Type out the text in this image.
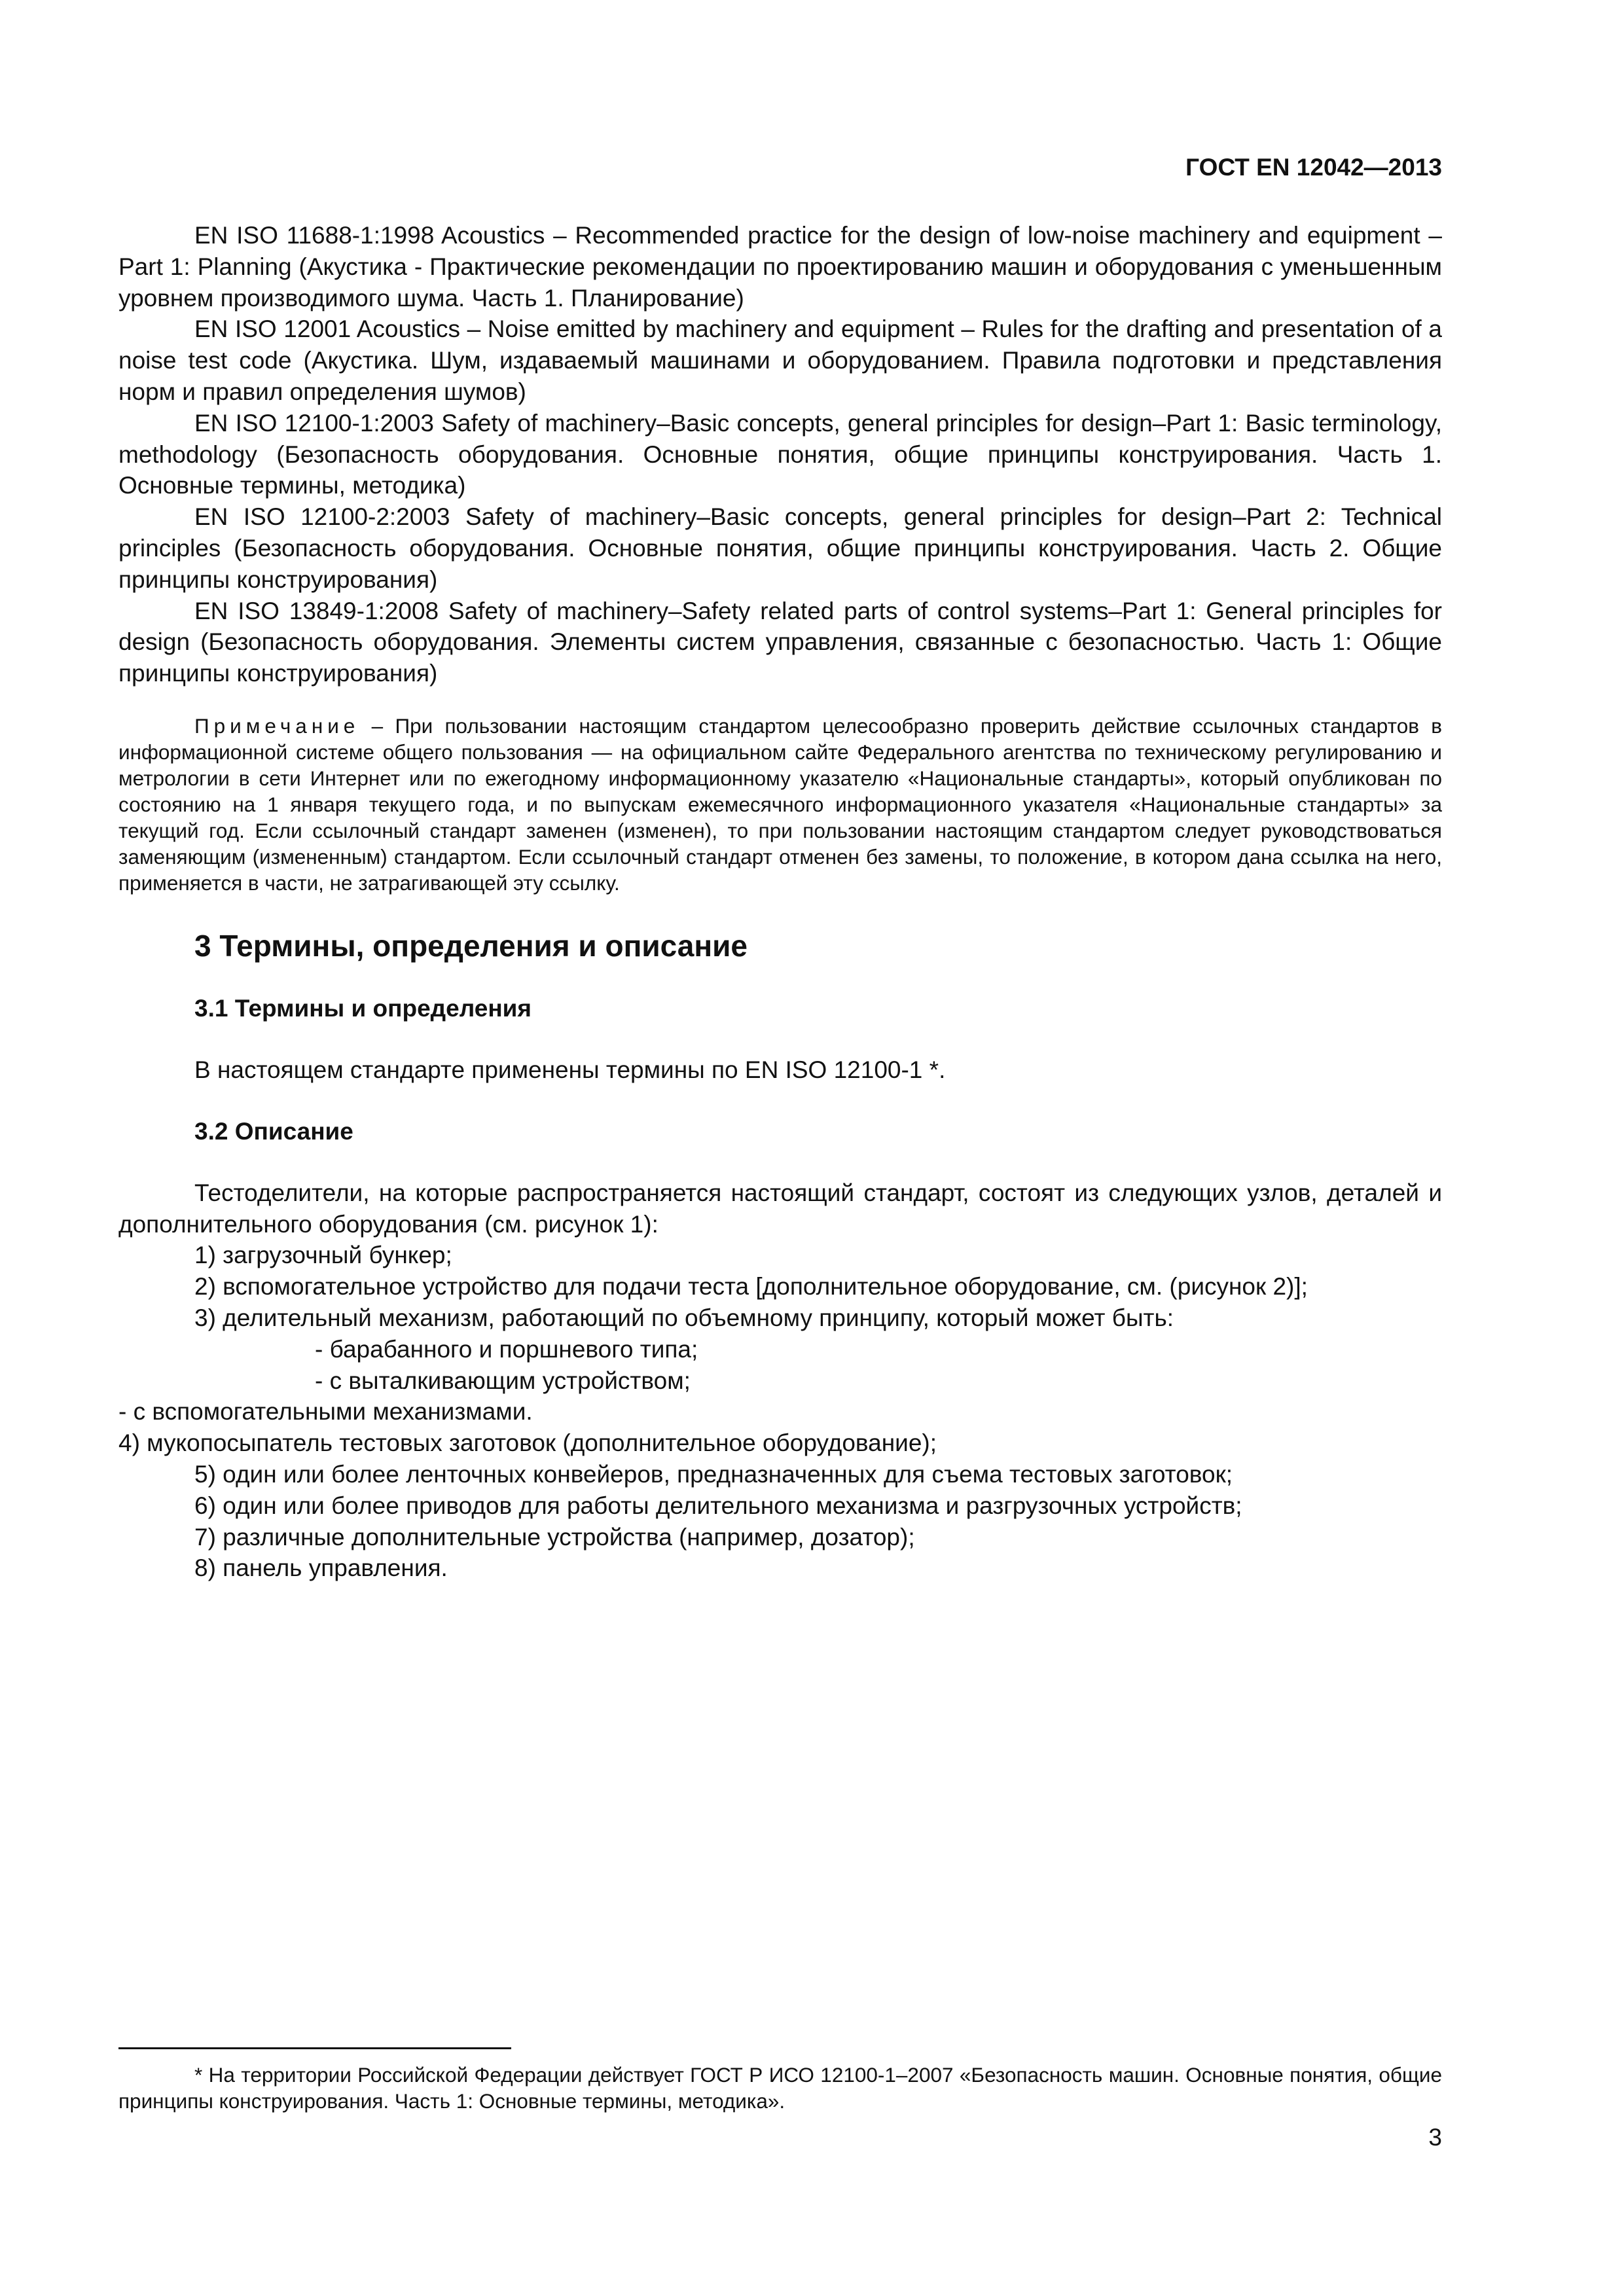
ГОСТ EN 12042—2013

EN ISO 11688-1:1998 Acoustics – Recommended practice for the design of low-noise machinery and equipment – Part 1: Planning (Акустика - Практические рекомендации по проектированию машин и оборудования с уменьшенным уровнем производимого шума. Часть 1. Планирование)

EN ISO 12001 Acoustics – Noise emitted by machinery and equipment – Rules for the drafting and presentation of a noise test code (Акустика. Шум, издаваемый машинами и оборудованием. Правила подготовки и представления норм и правил определения шумов)

EN ISO 12100-1:2003 Safety of machinery–Basic concepts, general principles for design–Part 1: Basic terminology, methodology (Безопасность оборудования. Основные понятия, общие принципы конструирования. Часть 1. Основные термины, методика)

EN ISO 12100-2:2003 Safety of machinery–Basic concepts, general principles for design–Part 2: Technical principles (Безопасность оборудования. Основные понятия, общие принципы конструирования. Часть 2. Общие принципы конструирования)

EN ISO 13849-1:2008 Safety of machinery–Safety related parts of control systems–Part 1: General principles for design (Безопасность оборудования. Элементы систем управления, связанные с безопасностью. Часть 1: Общие принципы конструирования)

Примечание – При пользовании настоящим стандартом целесообразно проверить действие ссылочных стандартов в информационной системе общего пользования — на официальном сайте Федерального агентства по техническому регулированию и метрологии в сети Интернет или по ежегодному информационному указателю «Национальные стандарты», который опубликован по состоянию на 1 января текущего года, и по выпускам ежемесячного информационного указателя «Национальные стандарты» за текущий год. Если ссылочный стандарт заменен (изменен), то при пользовании настоящим стандартом следует руководствоваться заменяющим (измененным) стандартом. Если ссылочный стандарт отменен без замены, то положение, в котором дана ссылка на него, применяется в части, не затрагивающей эту ссылку.

3 Термины, определения и описание
3.1 Термины и определения

В настоящем стандарте применены термины по EN ISO 12100-1 *.

3.2 Описание

Тестоделители, на которые распространяется настоящий стандарт, состоят из следующих узлов, деталей и дополнительного оборудования (см. рисунок 1):

1) загрузочный бункер;

2) вспомогательное устройство для подачи теста [дополнительное оборудование, см. (рисунок 2)];

3) делительный механизм, работающий по объемному принципу, который может быть:

- барабанного и поршневого типа;

- с выталкивающим устройством;

- с вспомогательными механизмами.

4) мукопосыпатель тестовых заготовок (дополнительное оборудование);

5) один или более ленточных конвейеров, предназначенных для съема тестовых заготовок;

6) один или более приводов для работы делительного механизма и разгрузочных устройств;

7) различные дополнительные устройства (например, дозатор);

8) панель управления.

* На территории Российской Федерации действует ГОСТ Р ИСО 12100-1–2007 «Безопасность машин. Основные понятия, общие принципы конструирования. Часть 1: Основные термины, методика».

3
